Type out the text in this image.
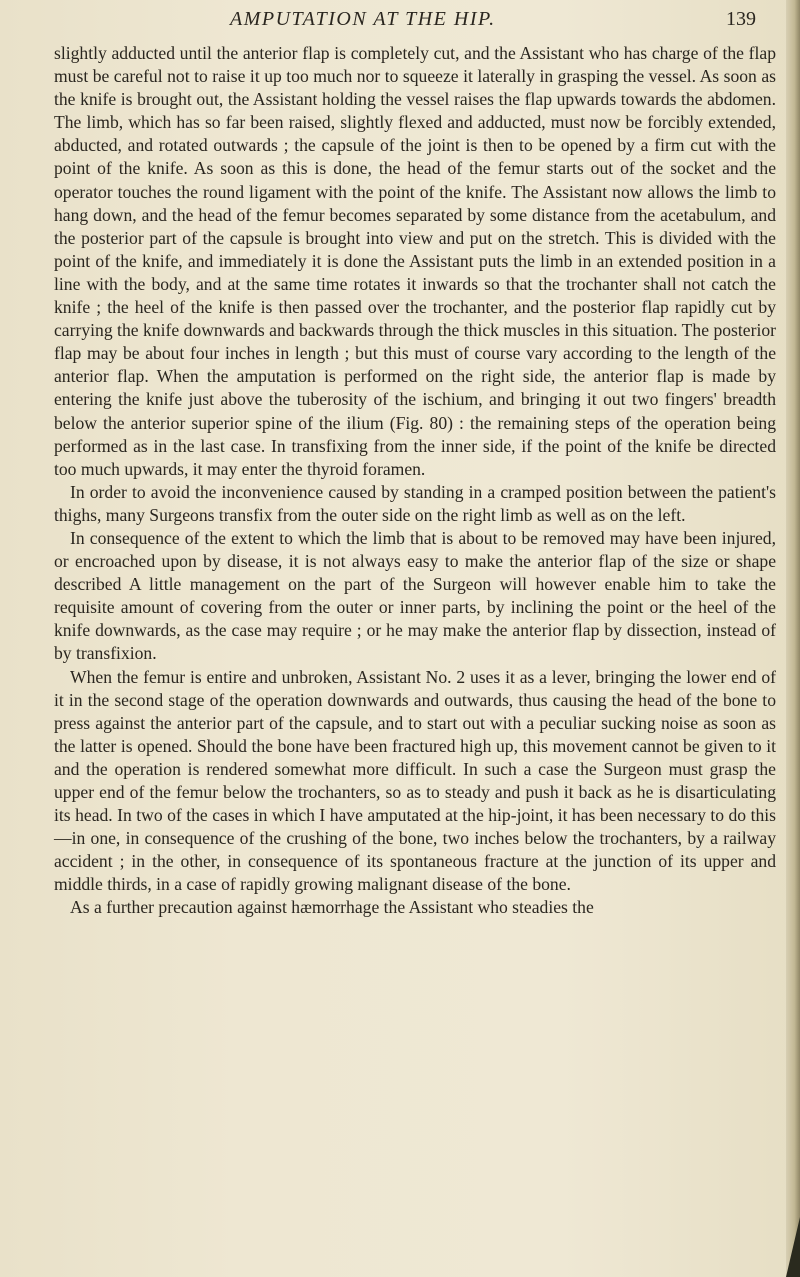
AMPUTATION AT THE HIP.	139

slightly adducted until the anterior flap is completely cut, and the Assistant who has charge of the flap must be careful not to raise it up too much nor to squeeze it laterally in grasping the vessel. As soon as the knife is brought out, the Assistant holding the vessel raises the flap upwards towards the abdomen. The limb, which has so far been raised, slightly flexed and adducted, must now be forcibly extended, abducted, and rotated outwards ; the capsule of the joint is then to be opened by a firm cut with the point of the knife. As soon as this is done, the head of the femur starts out of the socket and the operator touches the round ligament with the point of the knife. The Assistant now allows the limb to hang down, and the head of the femur becomes separated by some distance from the acetabulum, and the posterior part of the capsule is brought into view and put on the stretch. This is divided with the point of the knife, and immediately it is done the Assistant puts the limb in an extended position in a line with the body, and at the same time rotates it inwards so that the trochanter shall not catch the knife ; the heel of the knife is then passed over the trochanter, and the posterior flap rapidly cut by carrying the knife downwards and backwards through the thick muscles in this situation. The posterior flap may be about four inches in length ; but this must of course vary according to the length of the anterior flap. When the amputation is performed on the right side, the anterior flap is made by entering the knife just above the tuberosity of the ischium, and bringing it out two fingers' breadth below the anterior superior spine of the ilium (Fig. 80) : the remaining steps of the operation being performed as in the last case. In transfixing from the inner side, if the point of the knife be directed too much upwards, it may enter the thyroid foramen.

In order to avoid the inconvenience caused by standing in a cramped position between the patient's thighs, many Surgeons transfix from the outer side on the right limb as well as on the left.

In consequence of the extent to which the limb that is about to be removed may have been injured, or encroached upon by disease, it is not always easy to make the anterior flap of the size or shape described A little management on the part of the Surgeon will however enable him to take the requisite amount of covering from the outer or inner parts, by inclining the point or the heel of the knife downwards, as the case may require ; or he may make the anterior flap by dissection, instead of by transfixion.

When the femur is entire and unbroken, Assistant No. 2 uses it as a lever, bringing the lower end of it in the second stage of the operation downwards and outwards, thus causing the head of the bone to press against the anterior part of the capsule, and to start out with a peculiar sucking noise as soon as the latter is opened. Should the bone have been fractured high up, this movement cannot be given to it and the operation is rendered somewhat more difficult. In such a case the Surgeon must grasp the upper end of the femur below the trochanters, so as to steady and push it back as he is disarticulating its head. In two of the cases in which I have amputated at the hip-joint, it has been necessary to do this—in one, in consequence of the crushing of the bone, two inches below the trochanters, by a railway accident ; in the other, in consequence of its spontaneous fracture at the junction of its upper and middle thirds, in a case of rapidly growing malignant disease of the bone.

As a further precaution against hæmorrhage the Assistant who steadies the
